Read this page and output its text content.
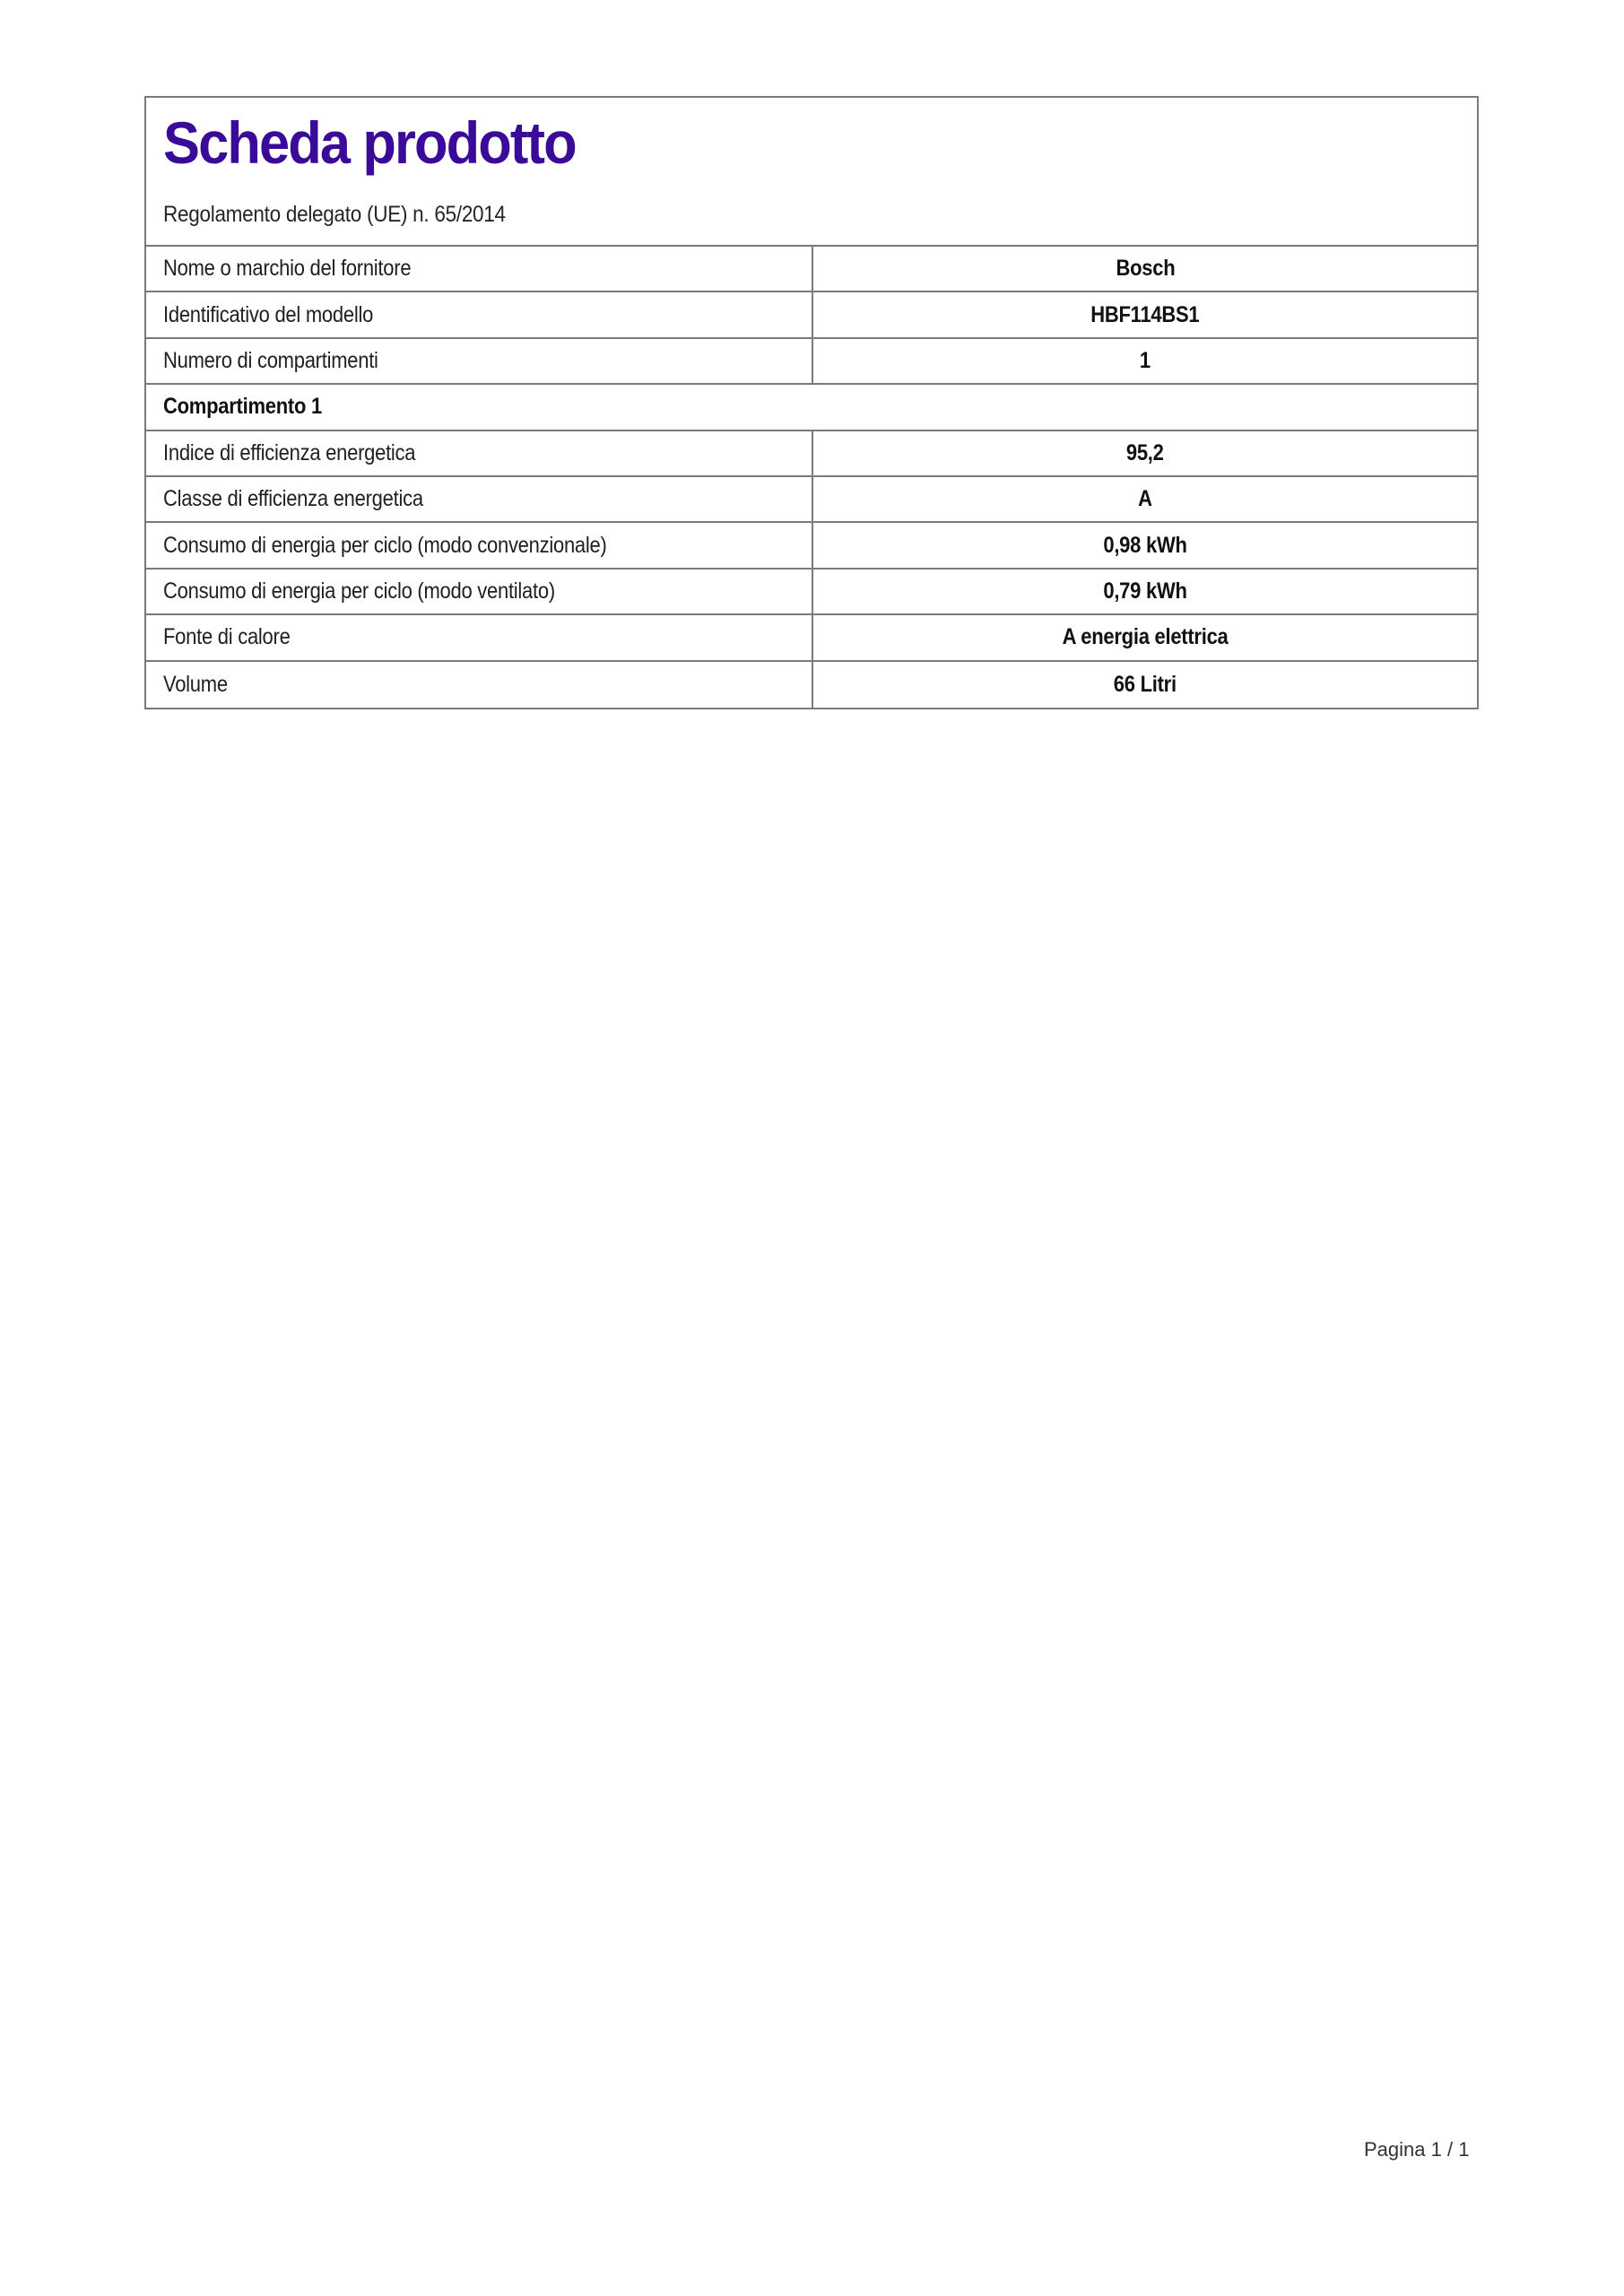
Scheda prodotto
Regolamento delegato (UE) n. 65/2014
Nome o marchio del fornitore	Bosch
Identificativo del modello	HBF114BS1
Numero di compartimenti	1
Compartimento 1
Indice di efficienza energetica	95,2
Classe di efficienza energetica	A
Consumo di energia per ciclo (modo convenzionale)	0,98 kWh
Consumo di energia per ciclo (modo ventilato)	0,79 kWh
Fonte di calore	A energia elettrica
Volume	66 Litri
Pagina 1 / 1
